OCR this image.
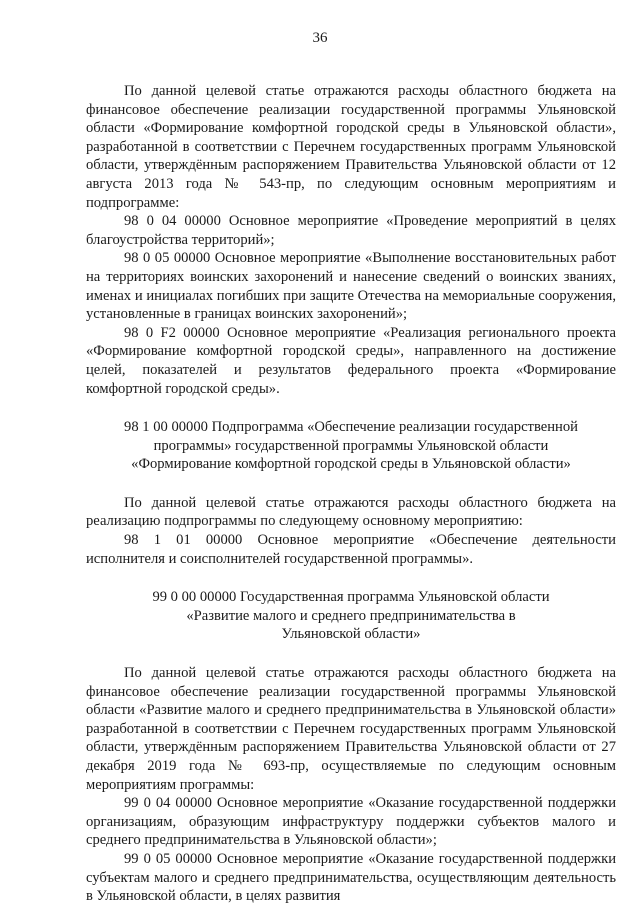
36

По данной целевой статье отражаются расходы областного бюджета на финансовое обеспечение реализации государственной программы Ульяновской области «Формирование комфортной городской среды в Ульяновской области», разработанной в соответствии с Перечнем государственных программ Ульяновской области, утверждённым распоряжением Правительства Ульяновской области от 12 августа 2013 года № 543-пр, по следующим основным мероприятиям и подпрограмме:

98 0 04 00000 Основное мероприятие «Проведение мероприятий в целях благоустройства территорий»;

98 0 05 00000 Основное мероприятие «Выполнение восстановительных работ на территориях воинских захоронений и нанесение сведений о воинских званиях, именах и инициалах погибших при защите Отечества на мемориальные сооружения, установленные в границах воинских захоронений»;

98 0 F2 00000 Основное мероприятие «Реализация регионального проекта «Формирование комфортной городской среды», направленного на достижение целей, показателей и результатов федерального проекта «Формирование комфортной городской среды».

98 1 00 00000 Подпрограмма «Обеспечение реализации государственной
программы» государственной программы Ульяновской области
«Формирование комфортной городской среды в Ульяновской области»

По данной целевой статье отражаются расходы областного бюджета на реализацию подпрограммы по следующему основному мероприятию:

98 1 01 00000 Основное мероприятие «Обеспечение деятельности исполнителя и соисполнителей государственной программы».

99 0 00 00000 Государственная программа Ульяновской области
«Развитие малого и среднего предпринимательства в
Ульяновской области»

По данной целевой статье отражаются расходы областного бюджета на финансовое обеспечение реализации государственной программы Ульяновской области «Развитие малого и среднего предпринимательства в Ульяновской области» разработанной в соответствии с Перечнем государственных программ Ульяновской области, утверждённым распоряжением Правительства Ульяновской области от 27 декабря 2019 года № 693-пр, осуществляемые по следующим основным мероприятиям программы:

99 0 04 00000 Основное мероприятие «Оказание государственной поддержки организациям, образующим инфраструктуру поддержки субъектов малого и среднего предпринимательства в Ульяновской области»;

99 0 05 00000 Основное мероприятие «Оказание государственной поддержки субъектам малого и среднего предпринимательства, осуществляющим деятельность в Ульяновской области, в целях развития
